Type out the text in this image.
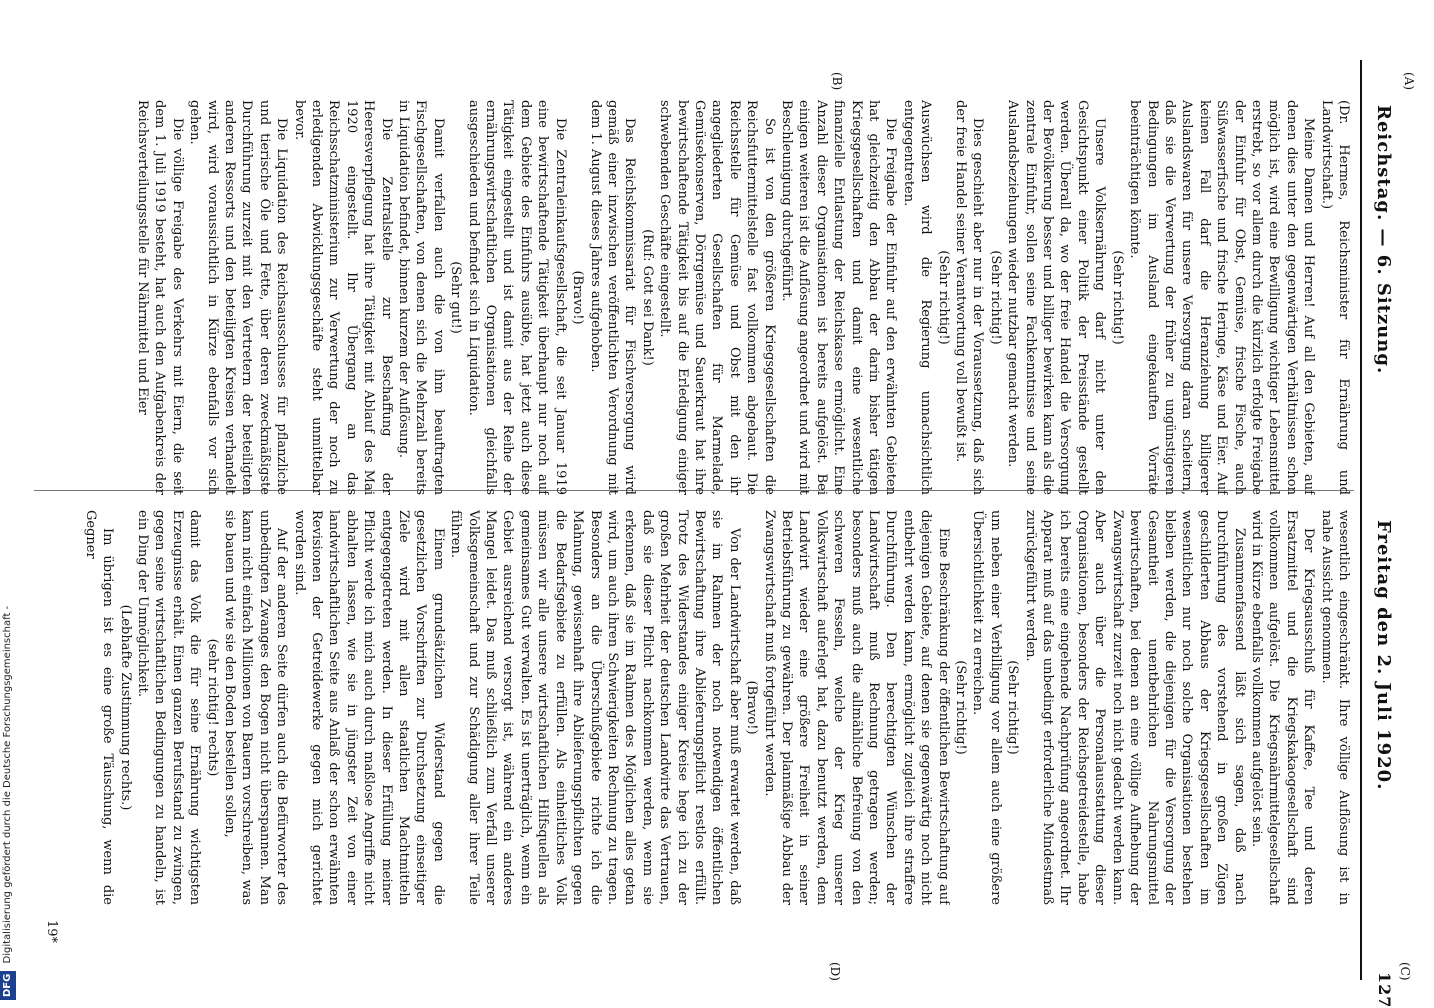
Reichstag. — 6. Sitzung.
Freitag den 2. Juli 1920.
127
(A)
(B)
(C)
(D)

(Dr. Hermes, Reichsminister für Ernährung und Landwirtschaft.)

Meine Damen und Herren! Auf all den Gebieten, auf denen dies unter den gegenwärtigen Verhältnissen schon möglich ist, wird eine Bewilligung wichtiger Lebensmittel erstrebt, so vor allem durch die kürzlich erfolgte Freigabe der Einfuhr für Obst, Gemüse, frische Fische, auch Süßwasserfische und frische Heringe, Käse und Eier. Auf keinen Fall darf die Heranziehung billigerer Auslandswaren für unsere Versorgung daran scheitern, daß sie die Verwertung der früher zu ungünstigeren Bedingungen im Ausland eingekauften Vorräte beeinträchtigen könnte.

(Sehr richtig!)

Unsere Volksernährung darf nicht unter den Gesichtspunkt einer Politik der Preisstände gestellt werden. Überall da, wo der freie Handel die Versorgung der Bevölkerung besser und billiger bewirken kann als die zentrale Einfuhr, sollen seine Fachkenntnisse und seine Auslandsbeziehungen wieder nutzbar gemacht werden.

(Sehr richtig!)

Dies geschieht aber nur in der Voraussetzung, daß sich der freie Handel seiner Verantwortung voll bewußt ist.

(Sehr richtig!)

Auswüchsen wird die Regierung unnachsichtlich entgegentreten.

Die Freigabe der Einfuhr auf den erwähnten Gebieten hat gleichzeitig den Abbau der darin bisher tätigen Kriegsgesellschaften und damit eine wesentliche finanzielle Entlastung der Reichskasse ermöglicht. Eine Anzahl dieser Organisationen ist bereits aufgelöst. Bei einigen weiteren ist die Auflösung angeordnet und wird mit Beschleunigung durchgeführt.

So ist von den größeren Kriegsgesellschaften die Reichsfuttermittelstelle fast vollkommen abgebaut. Die Reichsstelle für Gemüse und Obst mit den ihr angegliederten Gesellschaften für Marmelade, Gemüsekonserven, Dörrgemüse und Sauerkraut hat ihre bewirtschaftende Tätigkeit bis auf die Erledigung einiger schwebenden Geschäfte eingestellt.

(Ruf: Gott sei Dank!)

Das Reichskommissariat für Fischversorgung wird gemäß einer inzwischen veröffentlichten Verordnung mit dem 1. August dieses Jahres aufgehoben.

(Bravo!)

Die Zentraleinkaufsgesellschaft, die seit Januar 1919 eine bewirtschaftende Tätigkeit überhaupt nur noch auf dem Gebiete des Einfuhrs ausübte, hat jetzt auch diese Tätigkeit eingestellt und ist damit aus der Reihe der ernährungswirtschaftlichen Organisationen gleichfalls ausgeschieden und befindet sich in Liquidation.

(Sehr gut!)

Damit verfallen auch die von ihm beauftragten Fischgesellschaften, von denen sich die Mehrzahl bereits in Liquidation befindet, binnen kurzem der Auflösung.

Die Zentralstelle zur Beschaffung der Heeresverpflegung hat ihre Tätigkeit mit Ablauf des Mai 1920 eingestellt. Ihr Übergang an das Reichsschatzministerium zur Verwertung der noch zu erledigenden Abwicklungsgeschäfte steht unmittelbar bevor.

Die Liquidation des Reichsausschusses für pflanzliche und tierische Öle und Fette, über deren zweckmäßigste Durchführung zurzeit mit den Vertretern der beteiligten anderen Ressorts und den beteiligten Kreisen verhandelt wird, wird voraussichtlich in Kürze ebenfalls vor sich gehen.

Die völlige Freigabe des Verkehrs mit Eiern, die seit dem 1. Juli 1919 besteht, hat auch den Aufgabenkreis der Reichsverteilungsstelle für Nährmittel und Eier

wesentlich eingeschränkt. Ihre völlige Auflösung ist in nahe Aussicht genommen.

Der Kriegsausschuß für Kaffee, Tee und deren Ersatzmittel und die Kriegskakaogesellschaft sind vollkommen aufgelöst. Die Kriegsnährmittelgesellschaft wird in Kürze ebenfalls vollkommen aufgelöst sein.

Zusammenfassend läßt sich sagen, daß nach Durchführung des vorstehend in großen Zügen geschilderten Abbaus der Kriegsgesellschaften im wesentlichen nur noch solche Organisationen bestehen bleiben werden, die diejenigen für die Versorgung der Gesamtheit unentbehrlichen Nahrungsmittel bewirtschaften, bei denen an eine völlige Aufhebung der Zwangswirtschaft zurzeit noch nicht gedacht werden kann. Aber auch über die Personalausstattung dieser Organisationen, besonders der Reichsgetreidestelle, habe ich bereits eine eingehende Nachprüfung angeordnet. Ihr Apparat muß auf das unbedingt erforderliche Mindestmaß zurückgeführt werden.

(Sehr richtig!)

um neben einer Verbilligung vor allem auch eine größere Übersichtlichkeit zu erreichen.

(Sehr richtig!)

Eine Beschränkung der öffentlichen Bewirtschaftung auf diejenigen Gebiete, auf denen sie gegenwärtig noch nicht entbehrt werden kann, ermöglicht zugleich ihre straffere Durchführung. Den berechtigten Wünschen der Landwirtschaft muß Rechnung getragen werden; besonders muß auch die allmähliche Befreiung von den schweren Fesseln, welche der Krieg unserer Volkswirtschaft auferlegt hat, dazu benutzt werden, dem Landwirt wieder eine größere Freiheit in seiner Betriebsführung zu gewähren. Der planmäßige Abbau der Zwangswirtschaft muß fortgeführt werden.

(Bravo!)

Von der Landwirtschaft aber muß erwartet werden, daß sie im Rahmen der noch notwendigen öffentlichen Bewirtschaftung ihre Ablieferungspflicht restlos erfüllt. Trotz des Widerstandes einiger Kreise hege ich zu der großen Mehrheit der deutschen Landwirte das Vertrauen, daß sie dieser Pflicht nachkommen werden, wenn sie erkennen, daß sie im Rahmen des Möglichen alles getan wird, um auch ihren Schwierigkeiten Rechnung zu tragen. Besonders an die Überschußgebiete richte ich die Mahnung, gewissenhaft ihre Ablieferungspflichten gegen die Bedarfsgebiete zu erfüllen. Als einheitliches Volk müssen wir alle unsere wirtschaftlichen Hilfsquellen als gemeinsames Gut verwalten. Es ist unerträglich, wenn ein Gebiet ausreichend versorgt ist, während ein anderes Mangel leidet. Das muß schließlich zum Verfall unserer Volksgemeinschaft und zur Schädigung aller ihrer Teile führen.

Einem grundsätzlichen Widerstand gegen die gesetzlichen Vorschriften zur Durchsetzung einseitiger Ziele wird mit allen staatlichen Machtmitteln entgegengetreten werden. In dieser Erfüllung meiner Pflicht werde ich mich auch durch maßlose Angriffe nicht abhalten lassen, wie sie in jüngster Zeit von einer landwirtschaftlichen Seite aus Anlaß der schon erwähnten Revisionen der Getreidewerke gegen mich gerichtet worden sind.

Auf der anderen Seite dürfen auch die Befürworter des unbedingten Zwanges den Bogen nicht überspannen. Man kann nicht einfach Millionen von Bauern vorschreiben, was sie bauen und wie sie den Boden bestellen sollen,

(sehr richtig! rechts)

damit das Volk die für seine Ernährung wichtigsten Erzeugnisse erhält. Einen ganzen Berufsstand zu zwingen, gegen seine wirtschaftlichen Bedingungen zu handeln, ist ein Ding der Unmöglichkeit.

(Lebhafte Zustimmung rechts.)

Im übrigen ist es eine große Täuschung, wenn die Gegner

19*
DFG Digitalisierung gefördert durch die Deutsche Forschungsgemeinschaft -
